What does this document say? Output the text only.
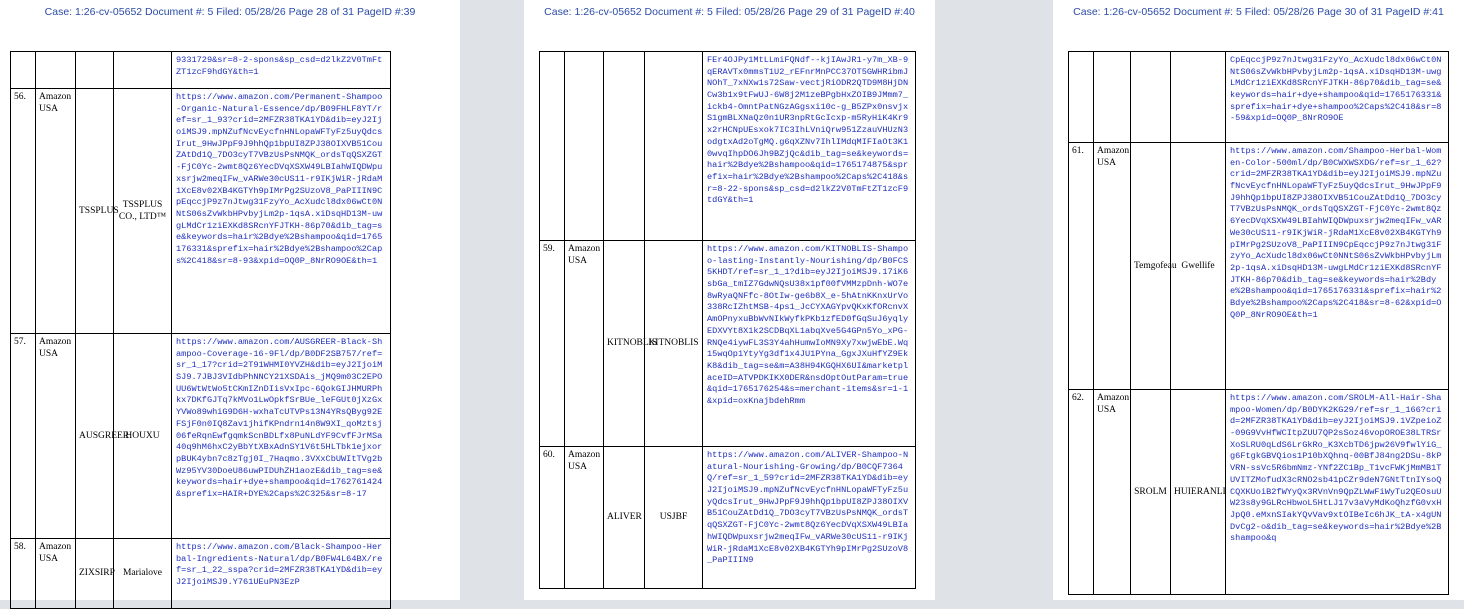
Case: 1:26-cv-05652 Document #: 5 Filed: 05/28/26 Page 28 of 31 PageID #:39

				9331729&sr=8-2-spons&sp_csd=d2lkZ2V0TmFtZT1zcF9hdGY&th=1

56.	Amazon USA	TSSPLUS	TSSPLUS CO., LTD™	https://www.amazon.com/Permanent-Shampoo-Organic-Natural-Essence/dp/B09FHLF8YT/ref=sr_1_93?crid=2MFZR38TKA1YD&dib=eyJ2IjoiMSJ9.mpNZufNcvEycfnHNLopaWFTyFz5uyQdcsIrut_9HwJPpF9J9hhQp1bpUI8ZPJ38OIXVB51CouZAtDd1Q_7DO3cyT7VBzUsPsNMQK_ordsTqQSXZGT-FjC0Yc-2wmt8Qz6YecDVqXSXW49LBIahWIQDWpuxsrjw2meqIFw_vARWe30cUS11-r9IKjWiR-jRdaM1XcE8v02XB4KGTYh9pIMrPg2SUzoV8_PaPIIIN9CpEqccjP9z7nJtwg31FzyYo_AcXudcl8dx06wCt0NNtS06sZvWkbHPvbyjLm2p-1qsA.xiDsqHD13M-uwgLMdCr1ziEXKd8SRcnYFJTKH-86p70&dib_tag=se&keywords=hair%2Bdye%2Bshampoo&qid=1765176331&sprefix=hair%2Bdye%2Bshampoo%2Caps%2C418&sr=8-93&xpid=OQ0P_8NrRO9OE&th=1

57.	Amazon USA	AUSGREER	HOUXU	https://www.amazon.com/AUSGREER-Black-Shampoo-Coverage-16-9Fl/dp/B0DF2SB757/ref=sr_1_17?crid=2T91WHMI0YVZH&dib=eyJ2IjoiMSJ9.7JBJ3VIdbPhNNCY21XSDAis_jMQ9m03C2EPOUU6WtWtWo5tCKmIZnDIisVxIpc-6QokGIJHMURPhkx7DKfGJTq7kMVo1LwOpkfSrBUe_leFGUt0jXzGxYVWo89whiG9D6H-wxhaTcUTVPs13N4YRsQByg92EFSjF0n0IQ8Zav1jhifKPndrn14n8W9XI_qoMztsj06feRqnEwfgqmkScnBDLfx8PuNLdYF9CvfFJrMSa40q9hM6hxC2yBbYtXBxAdnSY1V6t5HLTbk1ejxorpBUK4ybn7c8zTgj0I_7Haqmo.3VXxCbUWItTVg2bWz95YV30DoeU86uwPIDUhZH1aozE&dib_tag=se&keywords=hair+dye+shampoo&qid=1762761424&sprefix=HAIR+DYE%2Caps%2C325&sr=8-17

58.	Amazon USA	ZIXSIRP	Marialove	https://www.amazon.com/Black-Shampoo-Herbal-Ingredients-Natural/dp/B0FW4L64BX/ref=sr_1_22_sspa?crid=2MFZR38TKA1YD&dib=eyJ2IjoiMSJ9.Y761UEuPN3EzP
Case: 1:26-cv-05652 Document #: 5 Filed: 05/28/26 Page 29 of 31 PageID #:40

				FEr4OJPy1MtLLmiFQNdf--kjIAwJR1-y7m_XB-9qERAVTx0mmsT1U2_rEFnrMnPCC37OT5GWHRibmJNOhT_7xNXw1s72Saw-vectjRiODR2QTD9M8HjDNCw3b1x9tFwUJ-6W8j2M1zeBPgbHxZOIB9JMmm7_ickb4-OmntPatNGzAGgsxi10c-g_B5ZPx0nsvjxS1gmBLXNaQz0n1UR3npRtGcIcxp-m5RyHiK4Kr9x2rHCNpUEsxok7IC3IhLVniQrw951ZzauVHUzN3odgtxAd2oTgMQ.g6qXZNv7IhlIMdqMIFIaOt3K10wvqIhpDO6Jh9BZjQc&dib_tag=se&keywords=hair%2Bdye%2Bshampoo&qid=1765174875&sprefix=hair%2Bdye%2Bshampoo%2Caps%2C418&sr=8-22-spons&sp_csd=d2lkZ2V0TmFtZT1zcF9tdGY&th=1

59.	Amazon USA	KITNOBLIS	KITNOBLIS	https://www.amazon.com/KITNOBLIS-Shampoo-lasting-Instantly-Nourishing/dp/B0FCS5KHDT/ref=sr_1_1?dib=eyJ2IjoiMSJ9.17iK6sbGa_tmIZ7GdwNQsU38x1pf00fVMMzpDnh-WO7e8wRyaQNFfc-8OtIw-ge6b8X_e-5hAtnKKnxUrVo338RcIZhtMSB-4ps1_JcCYXAGYpvQKxKfORcnvXAmOPnyxuBbWvNIkWyfkPKb1zfED0fGqSuJ6yqlyEDXVYt8X1k2SCDBqXL1abqXve5G4GPn5Yo_xPG-RNQe4iywFL3S3Y4ahHumwIoMN9Xy7xwjwEbE.Wq15wqOp1YtyYg3df1x4JU1PYna_GgxJXuHfYZ9EkK8&dib_tag=se&m=A38H94KGQHX6UI&marketplaceID=ATVPDKIKX0DER&nsdOptOutParam=true&qid=1765176254&s=merchant-items&sr=1-1&xpid=oxKnajbdehRmm

60.	Amazon USA	ALIVER	USJBF	https://www.amazon.com/ALIVER-Shampoo-Natural-Nourishing-Growing/dp/B0CQF7364Q/ref=sr_1_59?crid=2MFZR38TKA1YD&dib=eyJ2IjoiMSJ9.mpNZufNcvEycfnHNLopaWFTyFz5uyQdcsIrut_9HwJPpF9J9hhQp1bpUI8ZPJ38OIXVB51CouZAtDd1Q_7DO3cyT7VBzUsPsNMQK_ordsTqQSXZGT-FjC0Yc-2wmt8Qz6YecDVqXSXW49LBIahWIQDWpuxsrjw2meqIFw_vARWe30cUS11-r9IKjWiR-jRdaM1XcE8v02XB4KGTYh9pIMrPg2SUzoV8_PaPIIIN9
Case: 1:26-cv-05652 Document #: 5 Filed: 05/28/26 Page 30 of 31 PageID #:41

				CpEqccjP9z7nJtwg31FzyYo_AcXudcl8dx06wCt0NNtS06sZvWkbHPvbyjLm2p-1qsA.xiDsqHD13M-uwgLMdCr1ziEXKd8SRcnYFJTKH-86p70&dib_tag=se&keywords=hair+dye+shampoo&qid=1765176331&sprefix=hair+dye+shampoo%2Caps%2C418&sr=8-59&xpid=OQ0P_8NrRO9OE

61.	Amazon USA	Temgofeau	Gwellife	https://www.amazon.com/Shampoo-Herbal-Women-Color-500ml/dp/B0CWXWSXDG/ref=sr_1_62?crid=2MFZR38TKA1YD&dib=eyJ2IjoiMSJ9.mpNZufNcvEycfnHNLopaWFTyFz5uyQdcsIrut_9HwJPpF9J9hhQp1bpUI8ZPJ38OIXVB51CouZAtDd1Q_7DO3cyT7VBzUsPsNMQK_ordsTqQSXZGT-FjC0Yc-2wmt8Qz6YecDVqXSXW49LBIahWIQDWpuxsrjw2meqIFw_vARWe30cUS11-r9IKjWiR-jRdaM1XcE8v02XB4KGTYh9pIMrPg2SUzoV8_PaPIIIN9CpEqccjP9z7nJtwg31FzyYo_AcXudcl8dx06wCt0NNtS06sZvWkbHPvbyjLm2p-1qsA.xiDsqHD13M-uwgLMdCr1ziEXKd8SRcnYFJTKH-86p70&dib_tag=se&keywords=hair%2Bdye%2Bshampoo&qid=1765176331&sprefix=hair%2Bdye%2Bshampoo%2Caps%2C418&sr=8-62&xpid=OQ0P_8NrRO9OE&th=1

62.	Amazon USA	SROLM	HUIERANLI	https://www.amazon.com/SROLM-All-Hair-Shampoo-Women/dp/B0DYK2KG29/ref=sr_1_166?crid=2MFZR38TKA1YD&dib=eyJ2IjoiMSJ9.1VZpeioZ-09G9VvHfWCItpZUU7QP2sSoz46vopOROE38LTRSrXoSLRU0qLdS6LrGkRo_K3XcbTD6jpw26V9fwlYiG_g6FtgkGBVQios1P10bXQhnq-00BfJ84ng2DSu-8kPVRN-ssVc5R6bmNmz-YNf2ZC1Bp_T1vcFWKjMmMB1TUVITZMofudX3cRNO2sb41pCZr9deN7GNtTtnIYsoQCQXKUoiB2fWYyQx3RVnVn9QpZLWwFiWyTu2QEOsuUW23s8y9GLRcHbwoL5HtLJ17v3aVyMdKoQhzfG0vxHJpQ0.eMxnSIakYQvVav9xtOIBeIc6hJK_tA-x4gUNDvCg2-o&dib_tag=se&keywords=hair%2Bdye%2Bshampoo&q
